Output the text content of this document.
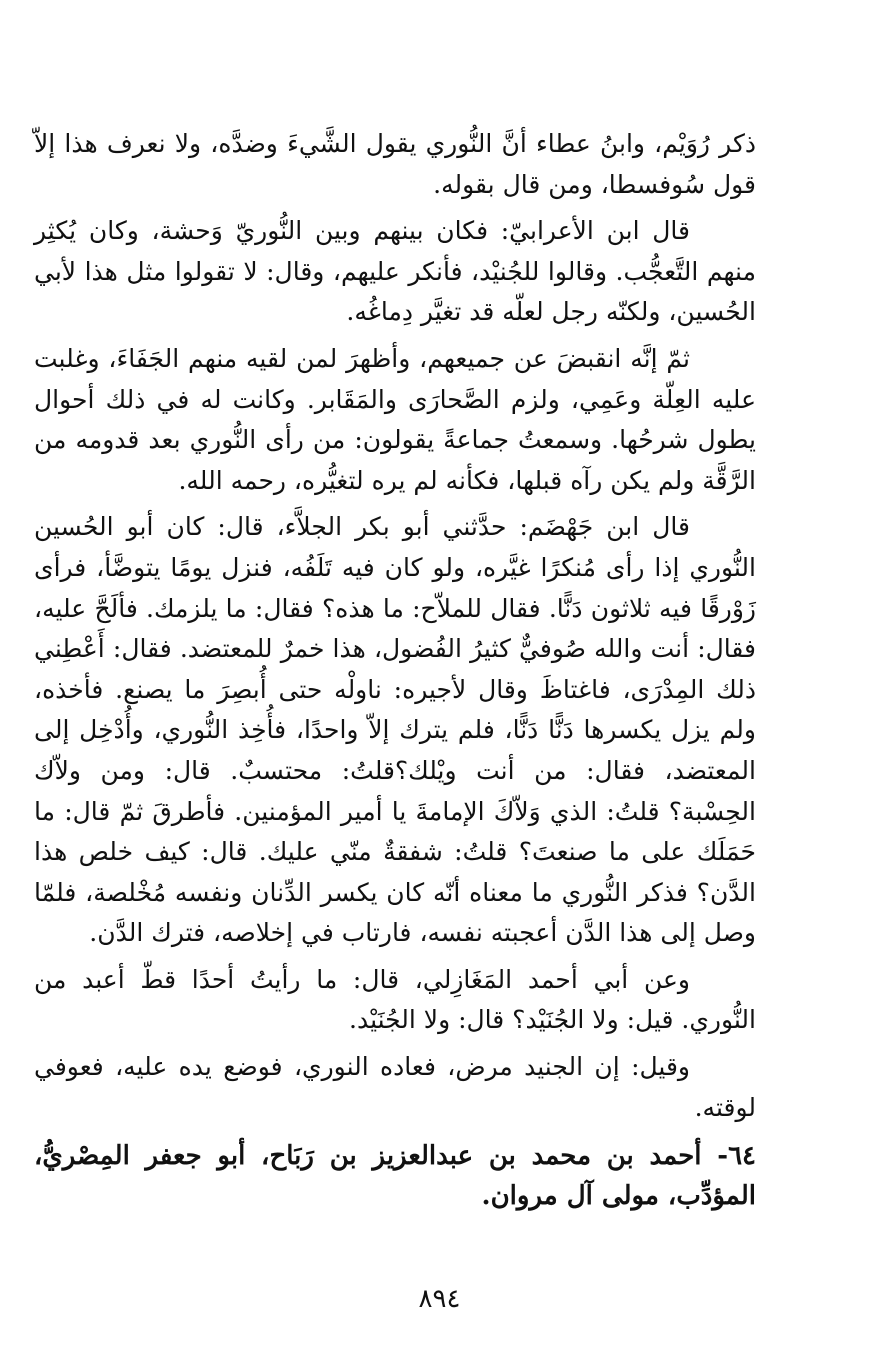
ذكر رُوَيْم، وابنُ عطاء أنَّ النُّوري يقول الشَّيءَ وضدَّه، ولا نعرف هذا إلاّ قول سُوفسطا، ومن قال بقوله.

قال ابن الأعرابيّ: فكان بينهم وبين النُّوريّ وَحشة، وكان يُكثِر منهم التَّعجُّب. وقالوا للجُنيْد، فأنكر عليهم، وقال: لا تقولوا مثل هذا لأبي الحُسين، ولكنّه رجل لعلّه قد تغيَّر دِماغُه.

ثمّ إنَّه انقبضَ عن جميعهم، وأظهرَ لمن لقيه منهم الجَفَاءَ، وغلبت عليه العِلّة وعَمِي، ولزم الصَّحارَى والمَقَابر. وكانت له في ذلك أحوال يطول شرحُها. وسمعتُ جماعةً يقولون: من رأى النُّوري بعد قدومه من الرَّقَّة ولم يكن رآه قبلها، فكأنه لم يره لتغيُّره، رحمه الله.

قال ابن جَهْضَم: حدَّثني أبو بكر الجلاَّء، قال: كان أبو الحُسين النُّوري إذا رأى مُنكرًا غيَّره، ولو كان فيه تَلَفُه، فنزل يومًا يتوضَّأ، فرأى زَوْرقًا فيه ثلاثون دَنًّا. فقال للملاّح: ما هذه؟ فقال: ما يلزمك. فألَحَّ عليه، فقال: أنت والله صُوفيٌّ كثيرُ الفُضول، هذا خمرٌ للمعتضد. فقال: أَعْطِني ذلك المِدْرَى، فاغتاظَ وقال لأجيره: ناولْه حتى أُبصِرَ ما يصنع. فأخذه، ولم يزل يكسرها دَنًّا دَنًّا، فلم يترك إلاّ واحدًا، فأُخِذ النُّوري، وأُدْخِل إلى المعتضد، فقال: من أنت ويْلك؟قلتُ: محتسبٌ. قال: ومن ولاّك الحِسْبة؟ قلتُ: الذي وَلاّكَ الإمامةَ يا أمير المؤمنين. فأطرقَ ثمّ قال: ما حَمَلَك على ما صنعتَ؟ قلتُ: شفقةٌ منّي عليك. قال: كيف خلص هذا الدَّن؟ فذكر النُّوري ما معناه أنّه كان يكسر الدِّنان ونفسه مُخْلصة، فلمّا وصل إلى هذا الدَّن أعجبته نفسه، فارتاب في إخلاصه، فترك الدَّن.

وعن أبي أحمد المَغَازِلي، قال: ما رأيتُ أحدًا قطّ أعبد من النُّوري. قيل: ولا الجُنَيْد؟ قال: ولا الجُنَيْد.

وقيل: إن الجنيد مرض، فعاده النوري، فوضع يده عليه، فعوفي لوقته.

٦٤- أحمد بن محمد بن عبدالعزيز بن رَبَاح، أبو جعفر المِصْريُّ، المؤدِّب، مولى آل مروان.

٨٩٤
